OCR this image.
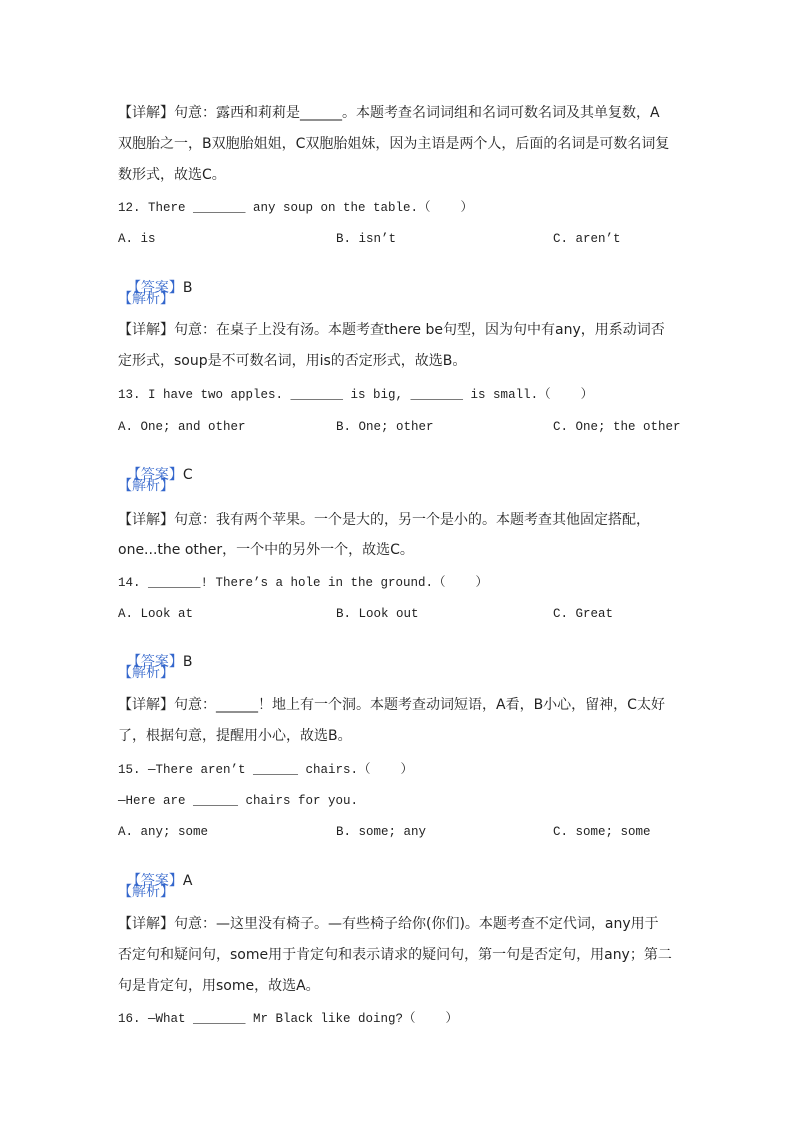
【详解】句意：露西和莉莉是______。本题考查名词词组和名词可数名词及其单复数，A
双胞胎之一，B双胞胎姐姐，C双胞胎姐妹，因为主语是两个人，后面的名词是可数名词复
数形式，故选C。
12. There _______ any soup on the table.（    ）
A. is	B. isn’t	C. aren’t

【答案】B

【解析】
【详解】句意：在桌子上没有汤。本题考查there be句型，因为句中有any，用系动词否
定形式，soup是不可数名词，用is的否定形式，故选B。
13. I have two apples. _______ is big, _______ is small.（    ）
A. One; and other	B. One; other	C. One; the other

【答案】C

【解析】
【详解】句意：我有两个苹果。一个是大的，另一个是小的。本题考查其他固定搭配，
one...the other，一个中的另外一个，故选C。
14. _______! There’s a hole in the ground.（    ）
A. Look at	B. Look out	C. Great

【答案】B

【解析】
【详解】句意：______！地上有一个洞。本题考查动词短语，A看，B小心，留神，C太好
了，根据句意，提醒用小心，故选B。
15. —There aren’t ______ chairs.（    ）
—Here are ______ chairs for you.
A. any; some	B. some; any	C. some; some

【答案】A

【解析】
【详解】句意：—这里没有椅子。—有些椅子给你(你们)。本题考查不定代词，any用于
否定句和疑问句，some用于肯定句和表示请求的疑问句，第一句是否定句，用any；第二
句是肯定句，用some，故选A。
16. —What _______ Mr Black like doing?（    ）
